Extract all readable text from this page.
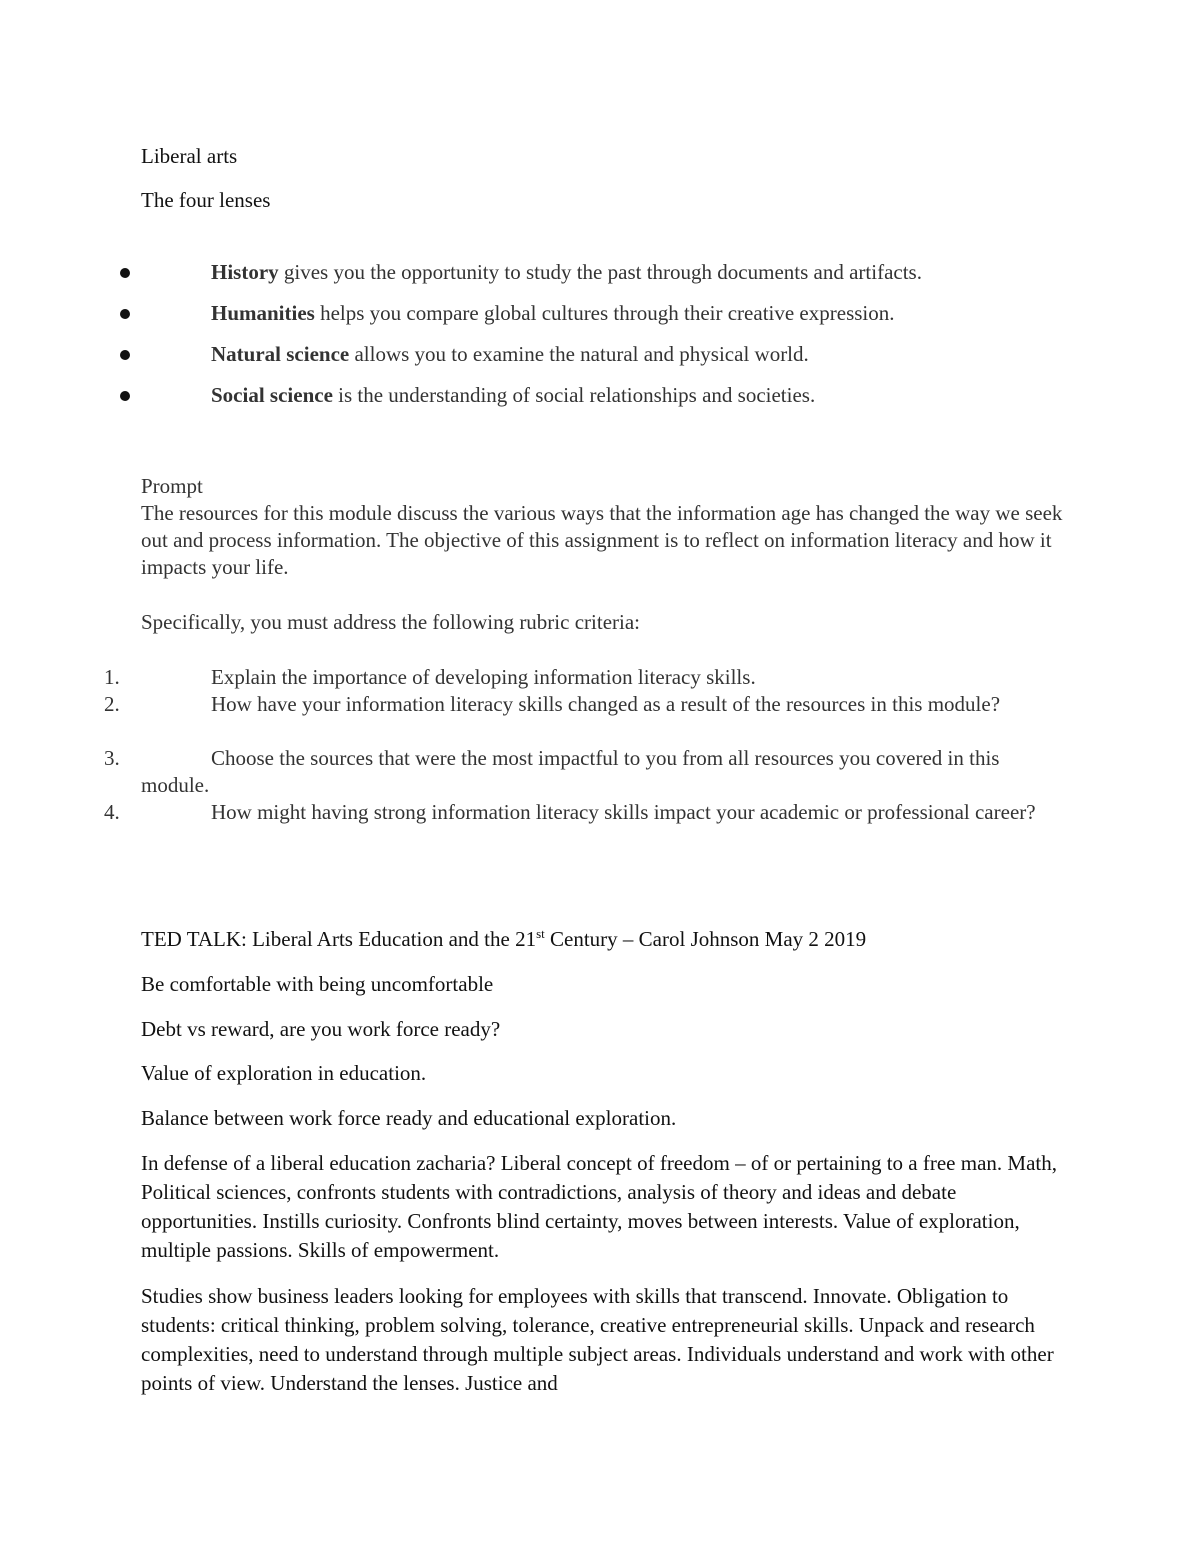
Liberal arts
The four lenses
History gives you the opportunity to study the past through documents and artifacts.
Humanities helps you compare global cultures through their creative expression.
Natural science allows you to examine the natural and physical world.
Social science is the understanding of social relationships and societies.
Prompt
The resources for this module discuss the various ways that the information age has changed the way we seek out and process information. The objective of this assignment is to reflect on information literacy and how it impacts your life.
Specifically, you must address the following rubric criteria:
1.	Explain the importance of developing information literacy skills.
2.	How have your information literacy skills changed as a result of the resources in this module?
3.	Choose the sources that were the most impactful to you from all resources you covered in this module.
4.	How might having strong information literacy skills impact your academic or professional career?
TED TALK: Liberal Arts Education and the 21st Century – Carol Johnson May 2 2019
Be comfortable with being uncomfortable
Debt vs reward, are you work force ready?
Value of exploration in education.
Balance between work force ready and educational exploration.
In defense of a liberal education zacharia? Liberal concept of freedom – of or pertaining to a free man. Math, Political sciences, confronts students with contradictions, analysis of theory and ideas and debate opportunities. Instills curiosity. Confronts blind certainty, moves between interests. Value of exploration, multiple passions. Skills of empowerment.
Studies show business leaders looking for employees with skills that transcend. Innovate. Obligation to students: critical thinking, problem solving, tolerance, creative entrepreneurial skills. Unpack and research complexities, need to understand through multiple subject areas. Individuals understand and work with other points of view. Understand the lenses. Justice and
